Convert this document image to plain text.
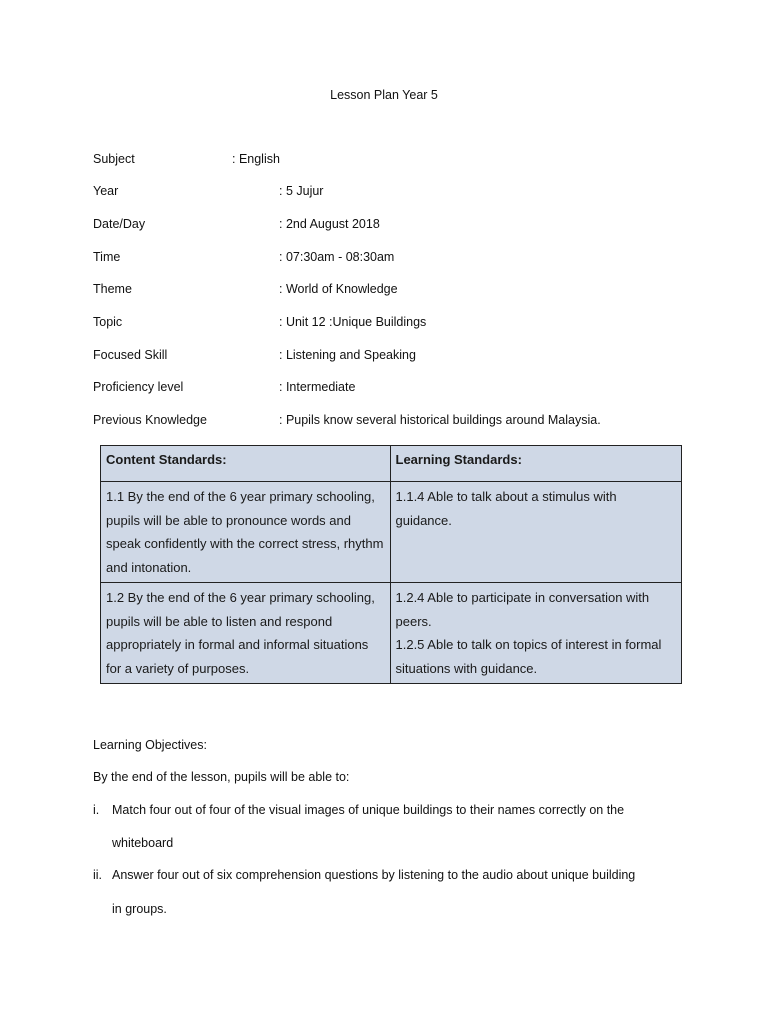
Lesson Plan Year 5
Subject	: English
Year	: 5 Jujur
Date/Day	: 2nd August 2018
Time	: 07:30am - 08:30am
Theme	: World of Knowledge
Topic	: Unit 12 :Unique Buildings
Focused Skill	: Listening and Speaking
Proficiency level	: Intermediate
Previous Knowledge	: Pupils know several historical buildings around Malaysia.
Content Standards:	Learning Standards:
1.1 By the end of the 6 year primary schooling, pupils will be able to pronounce words and speak confidently with the correct stress, rhythm and intonation.	1.1.4 Able to talk about a stimulus with guidance.

1.2 By the end of the 6 year primary schooling, pupils will be able to listen and respond appropriately in formal and informal situations for a variety of purposes.	1.2.4 Able to participate in conversation with peers.
1.2.5 Able to talk on topics of interest in formal situations with guidance.
Learning Objectives:
By the end of the lesson, pupils will be able to:
i. Match four out of four of the visual images of unique buildings to their names correctly on the
whiteboard
ii. Answer four out of six comprehension questions by listening to the audio about unique building
in groups.
